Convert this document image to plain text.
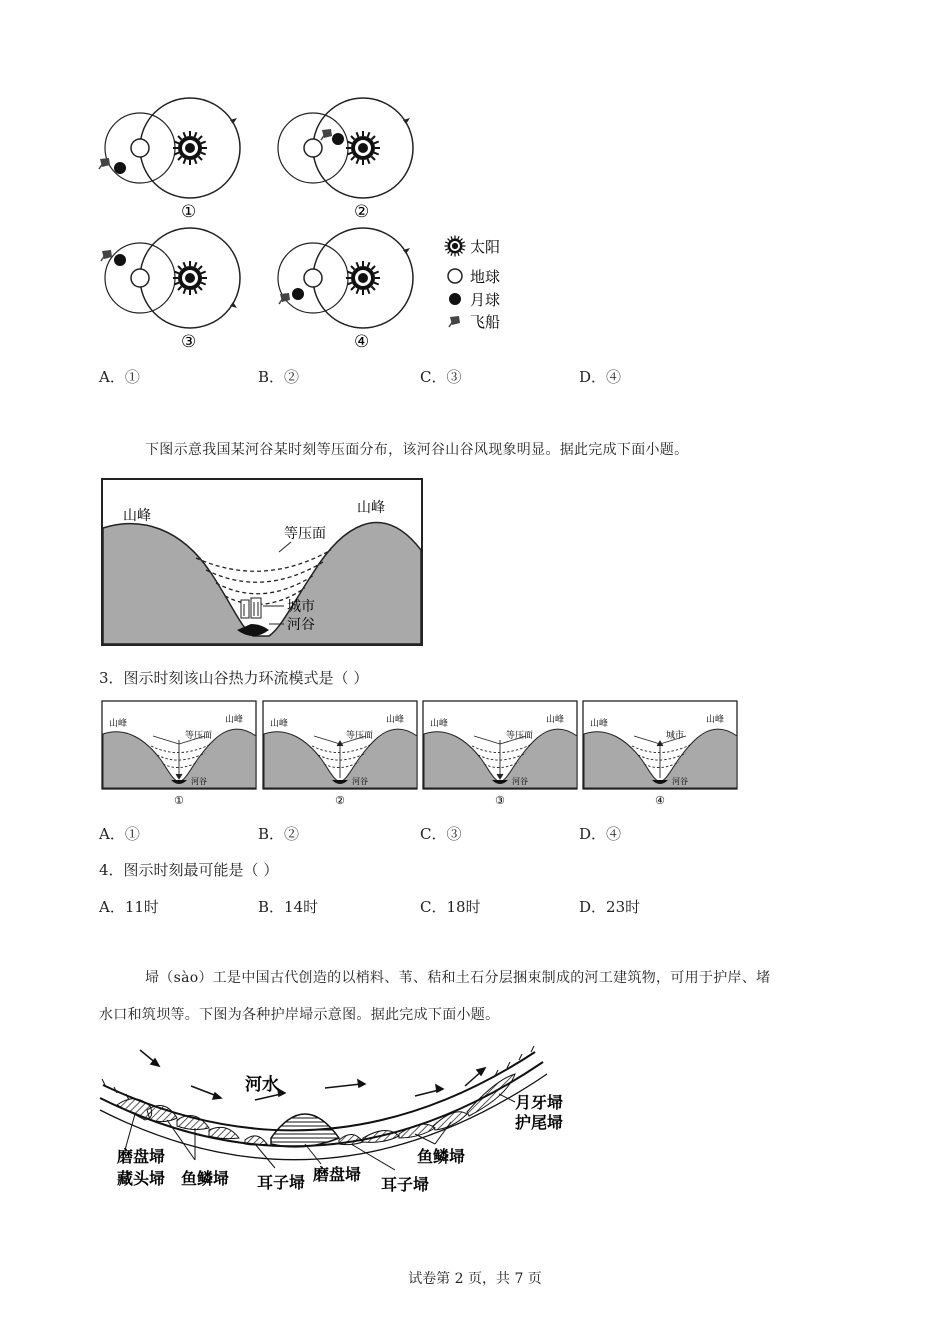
①	②
③	④
太阳
地球
月球
飞船
A．①	B．②	C．③	D．④
下图示意我国某河谷某时刻等压面分布，该河谷山谷风现象明显。据此完成下面小题。
山峰	山峰
等压面
城市
河谷
3．图示时刻该山谷热力环流模式是（ ）
山峰	山峰
等压面
河谷
①
山峰	山峰
等压面
河谷
②
山峰	山峰
等压面
河谷
③
山峰	山峰
城市
河谷
④
A．①	B．②	C．③	D．④
4．图示时刻最可能是（ ）
A．11时	B．14时	C．18时	D．23时
埽（sào）工是中国古代创造的以梢料、苇、秸和土石分层捆束制成的河工建筑物，可用于护岸、堵
水口和筑坝等。下图为各种护岸埽示意图。据此完成下面小题。
河水
月牙埽
护尾埽
鱼鳞埽
磨盘埽
藏头埽 鱼鳞埽 耳子埽 磨盘埽
耳子埽
试卷第 2 页，共 7 页
